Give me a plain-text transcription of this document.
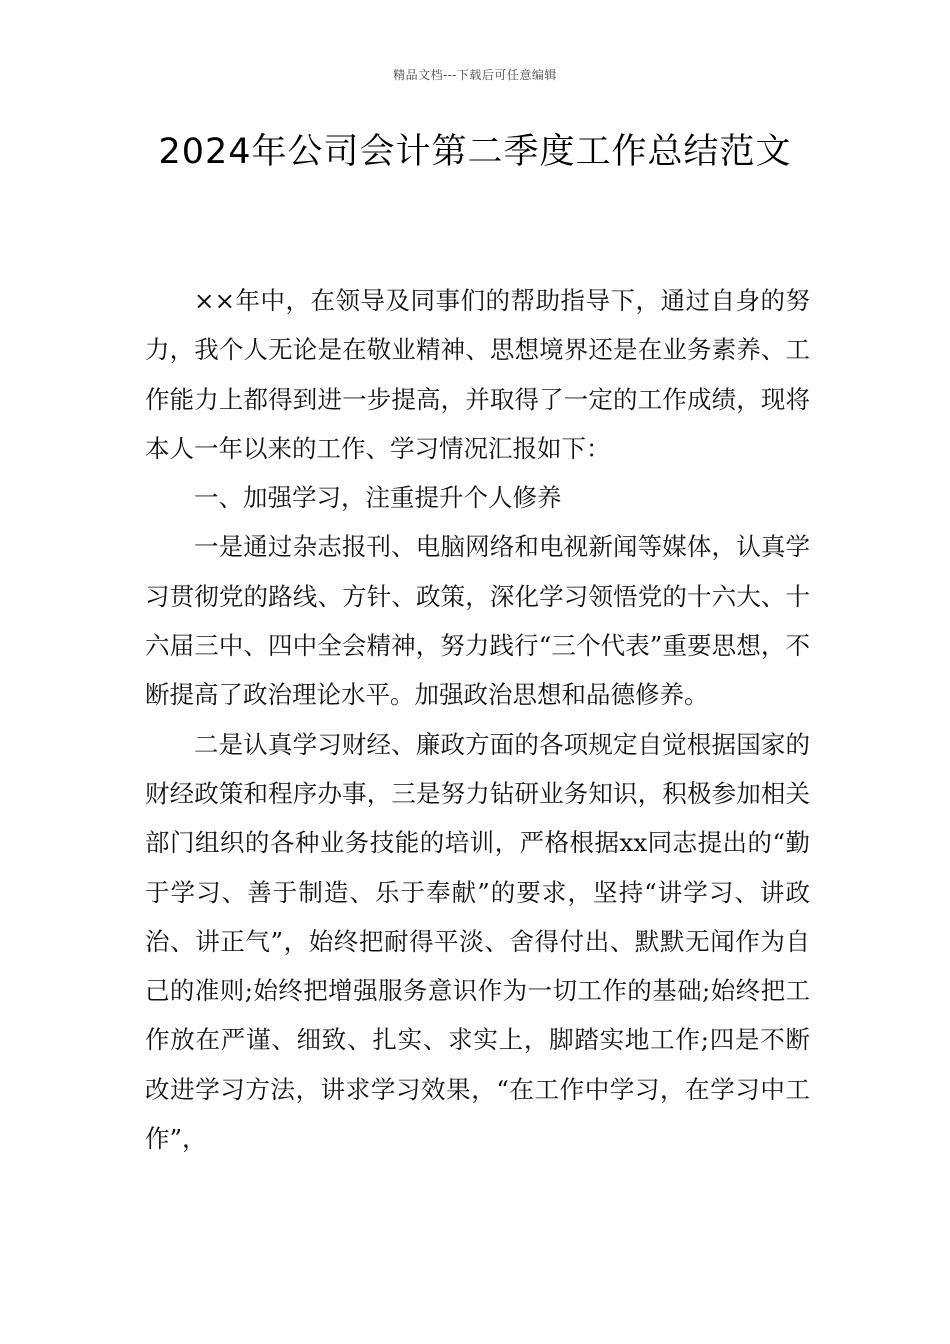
精品文档---下载后可任意编辑
2024年公司会计第二季度工作总结范文

××年中，在领导及同事们的帮助指导下，通过自身的努力，我个人无论是在敬业精神、思想境界还是在业务素养、工作能力上都得到进一步提高，并取得了一定的工作成绩，现将本人一年以来的工作、学习情况汇报如下：

一、加强学习，注重提升个人修养

一是通过杂志报刊、电脑网络和电视新闻等媒体，认真学习贯彻党的路线、方针、政策，深化学习领悟党的十六大、十六届三中、四中全会精神，努力践行“三个代表”重要思想，不断提高了政治理论水平。加强政治思想和品德修养。

二是认真学习财经、廉政方面的各项规定自觉根据国家的财经政策和程序办事，三是努力钻研业务知识，积极参加相关部门组织的各种业务技能的培训，严格根据xx同志提出的“勤于学习、善于制造、乐于奉献”的要求，坚持“讲学习、讲政治、讲正气”，始终把耐得平淡、舍得付出、默默无闻作为自己的准则;始终把增强服务意识作为一切工作的基础;始终把工作放在严谨、细致、扎实、求实上，脚踏实地工作;四是不断改进学习方法，讲求学习效果，“在工作中学习，在学习中工作”，
